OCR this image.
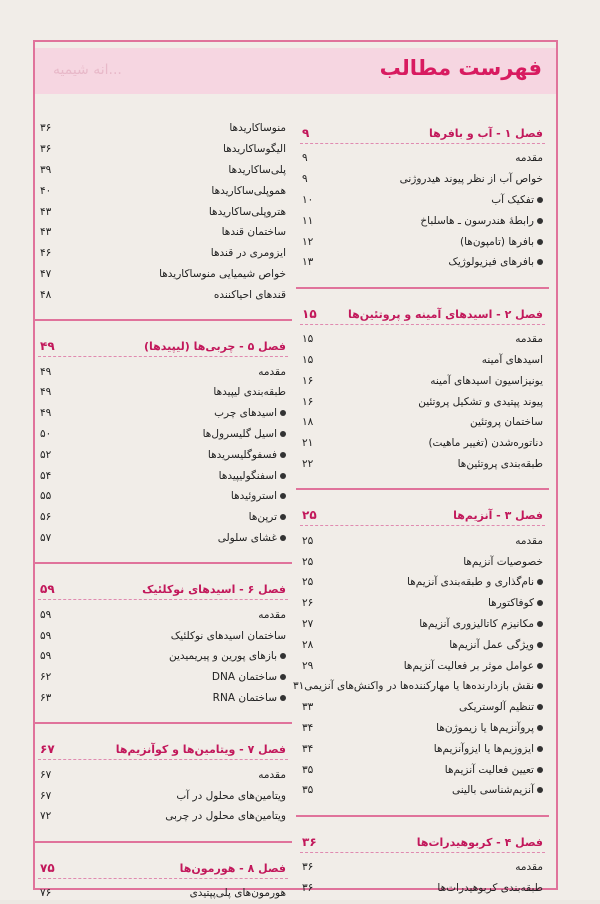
...انه شیمیه	فهرست مطالب
فصل ۱ - آب و بافرها
۹
مقدمه
۹
خواص آب از نظر پیوند هیدروژنی
۹
تفکیک آب
۱۰
رابطهٔ هندرسون ـ هاسلباخ
۱۱
بافرها (تامپون‌ها)
۱۲
بافرهای فیزیولوژیک
۱۳
فصل ۲ - اسیدهای آمینه و پروتئین‌ها
۱۵
مقدمه
۱۵
اسیدهای آمینه
۱۵
یونیزاسیون اسیدهای آمینه
۱۶
پیوند پپتیدی و تشکیل پروتئین
۱۶
ساختمان پروتئین
۱۸
دناتوره‌شدن (تغییر ماهیت)
۲۱
طبقه‌بندی پروتئین‌ها
۲۲
فصل ۳ - آنزیم‌ها
۲۵
مقدمه
۲۵
خصوصیات آنزیم‌ها
۲۵
نام‌گذاری و طبقه‌بندی آنزیم‌ها
۲۵
کوفاکتورها
۲۶
مکانیزم کاتالیزوری آنزیم‌ها
۲۷
ویژگی عمل آنزیم‌ها
۲۸
عوامل موثر بر فعالیت آنزیم‌ها
۲۹
نقش بازدارنده‌ها یا مهارکننده‌ها در واکنش‌های آنزیمی
۳۱
تنظیم آلوستریکی
۳۳
پروآنزیم‌ها یا زیموژن‌ها
۳۴
ایزوزیم‌ها یا ایزوآنزیم‌ها
۳۴
تعیین فعالیت آنزیم‌ها
۳۵
آنزیم‌شناسی بالینی
۳۵
فصل ۴ - کربوهیدرات‌ها
۳۶
مقدمه
۳۶
طبقه‌بندی کربوهیدرات‌ها
۳۶
منوساکاریدها
۳۶
الیگوساکاریدها
۳۶
پلی‌ساکاریدها
۳۹
هموپلی‌ساکاریدها
۴۰
هتروپلی‌ساکاریدها
۴۳
ساختمان قندها
۴۳
ایزومری در قندها
۴۶
خواص شیمیایی منوساکاریدها
۴۷
قندهای احیاکننده
۴۸
فصل ۵ - چربی‌ها (لیپیدها)
۴۹
مقدمه
۴۹
طبقه‌بندی لیپیدها
۴۹
اسیدهای چرب
۴۹
اسیل گلیسرول‌ها
۵۰
فسفوگلیسریدها
۵۲
اسفنگولیپیدها
۵۴
استروئیدها
۵۵
ترپن‌ها
۵۶
غشای سلولی
۵۷
فصل ۶ - اسیدهای نوکلئیک
۵۹
مقدمه
۵۹
ساختمان اسیدهای نوکلئیک
۵۹
بازهای پورین و پیریمیدین
۵۹
ساختمان DNA
۶۲
ساختمان RNA
۶۳
فصل ۷ - ویتامین‌ها و کوآنزیم‌ها
۶۷
مقدمه
۶۷
ویتامین‌های محلول در آب
۶۷
ویتامین‌های محلول در چربی
۷۲
فصل ۸ - هورمون‌ها
۷۵
هورمون‌های پلی‌پپتیدی
۷۶
